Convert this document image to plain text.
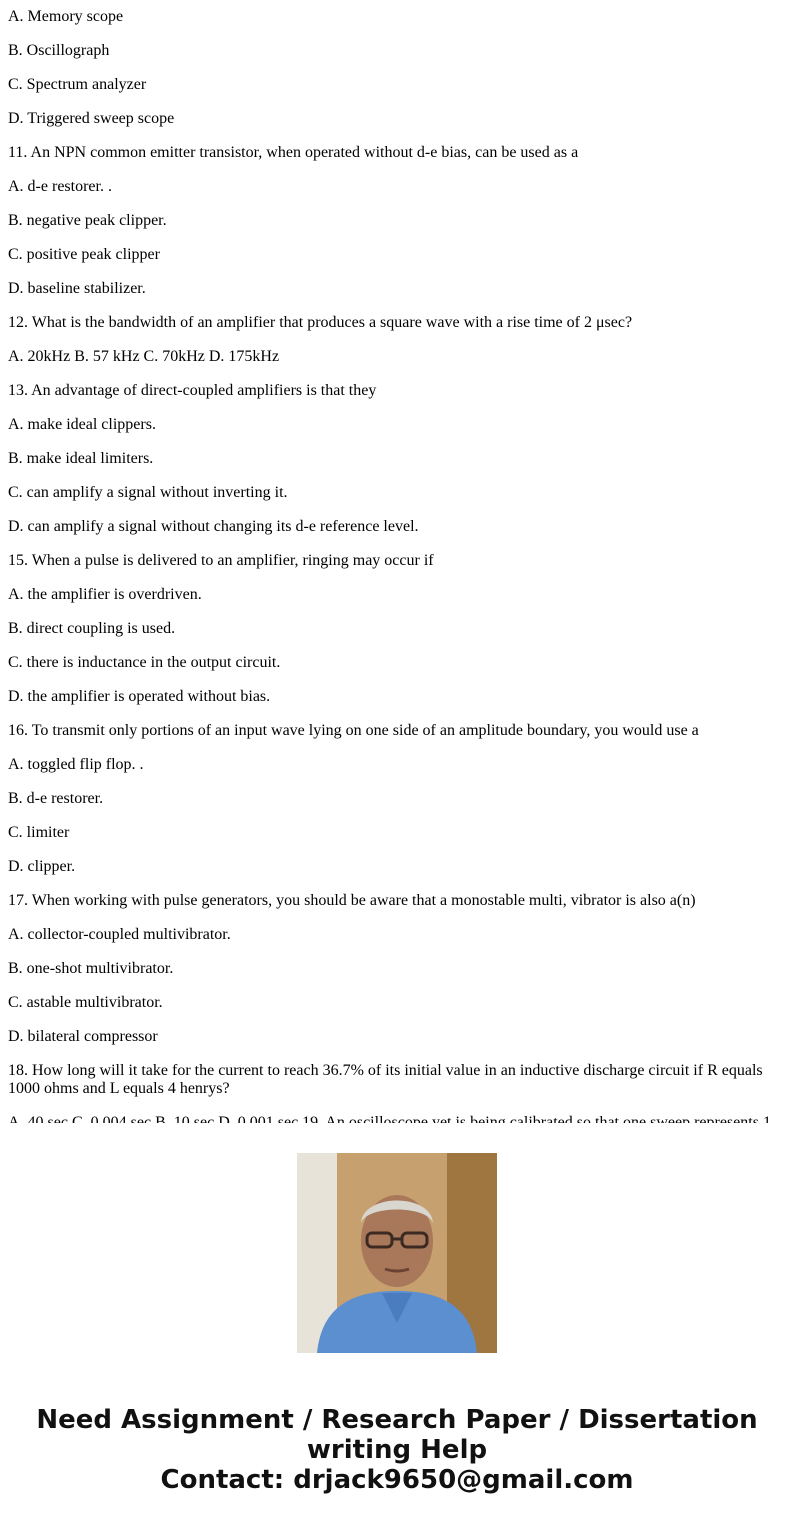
A. Memory scope
B. Oscillograph
C. Spectrum analyzer
D. Triggered sweep scope
11. An NPN common emitter transistor, when operated without d-e bias, can be used as a
A. d-e restorer. .
B. negative peak clipper.
C. positive peak clipper
D. baseline stabilizer.
12. What is the bandwidth of an amplifier that produces a square wave with a rise time of 2 μsec?
A. 20kHz B. 57 kHz C. 70kHz D. 175kHz
13. An advantage of direct-coupled amplifiers is that they
A. make ideal clippers.
B. make ideal limiters.
C. can amplify a signal without inverting it.
D. can amplify a signal without changing its d-e reference level.
15. When a pulse is delivered to an amplifier, ringing may occur if
A. the amplifier is overdriven.
B. direct coupling is used.
C. there is inductance in the output circuit.
D. the amplifier is operated without bias.
16. To transmit only portions of an input wave lying on one side of an amplitude boundary, you would use a
A. toggled flip flop. .
B. d-e restorer.
C. limiter
D. clipper.
17. When working with pulse generators, you should be aware that a monostable multi, vibrator is also a(n)
A. collector-coupled multivibrator.
B. one-shot multivibrator.
C. astable multivibrator.
D. bilateral compressor
18. How long will it take for the current to reach 36.7% of its initial value in an inductive discharge circuit if R equals 1000 ohms and L equals 4 henrys?
Need Assignment / Research Paper / Dissertation
writing Help
Contact: drjack9650@gmail.com
